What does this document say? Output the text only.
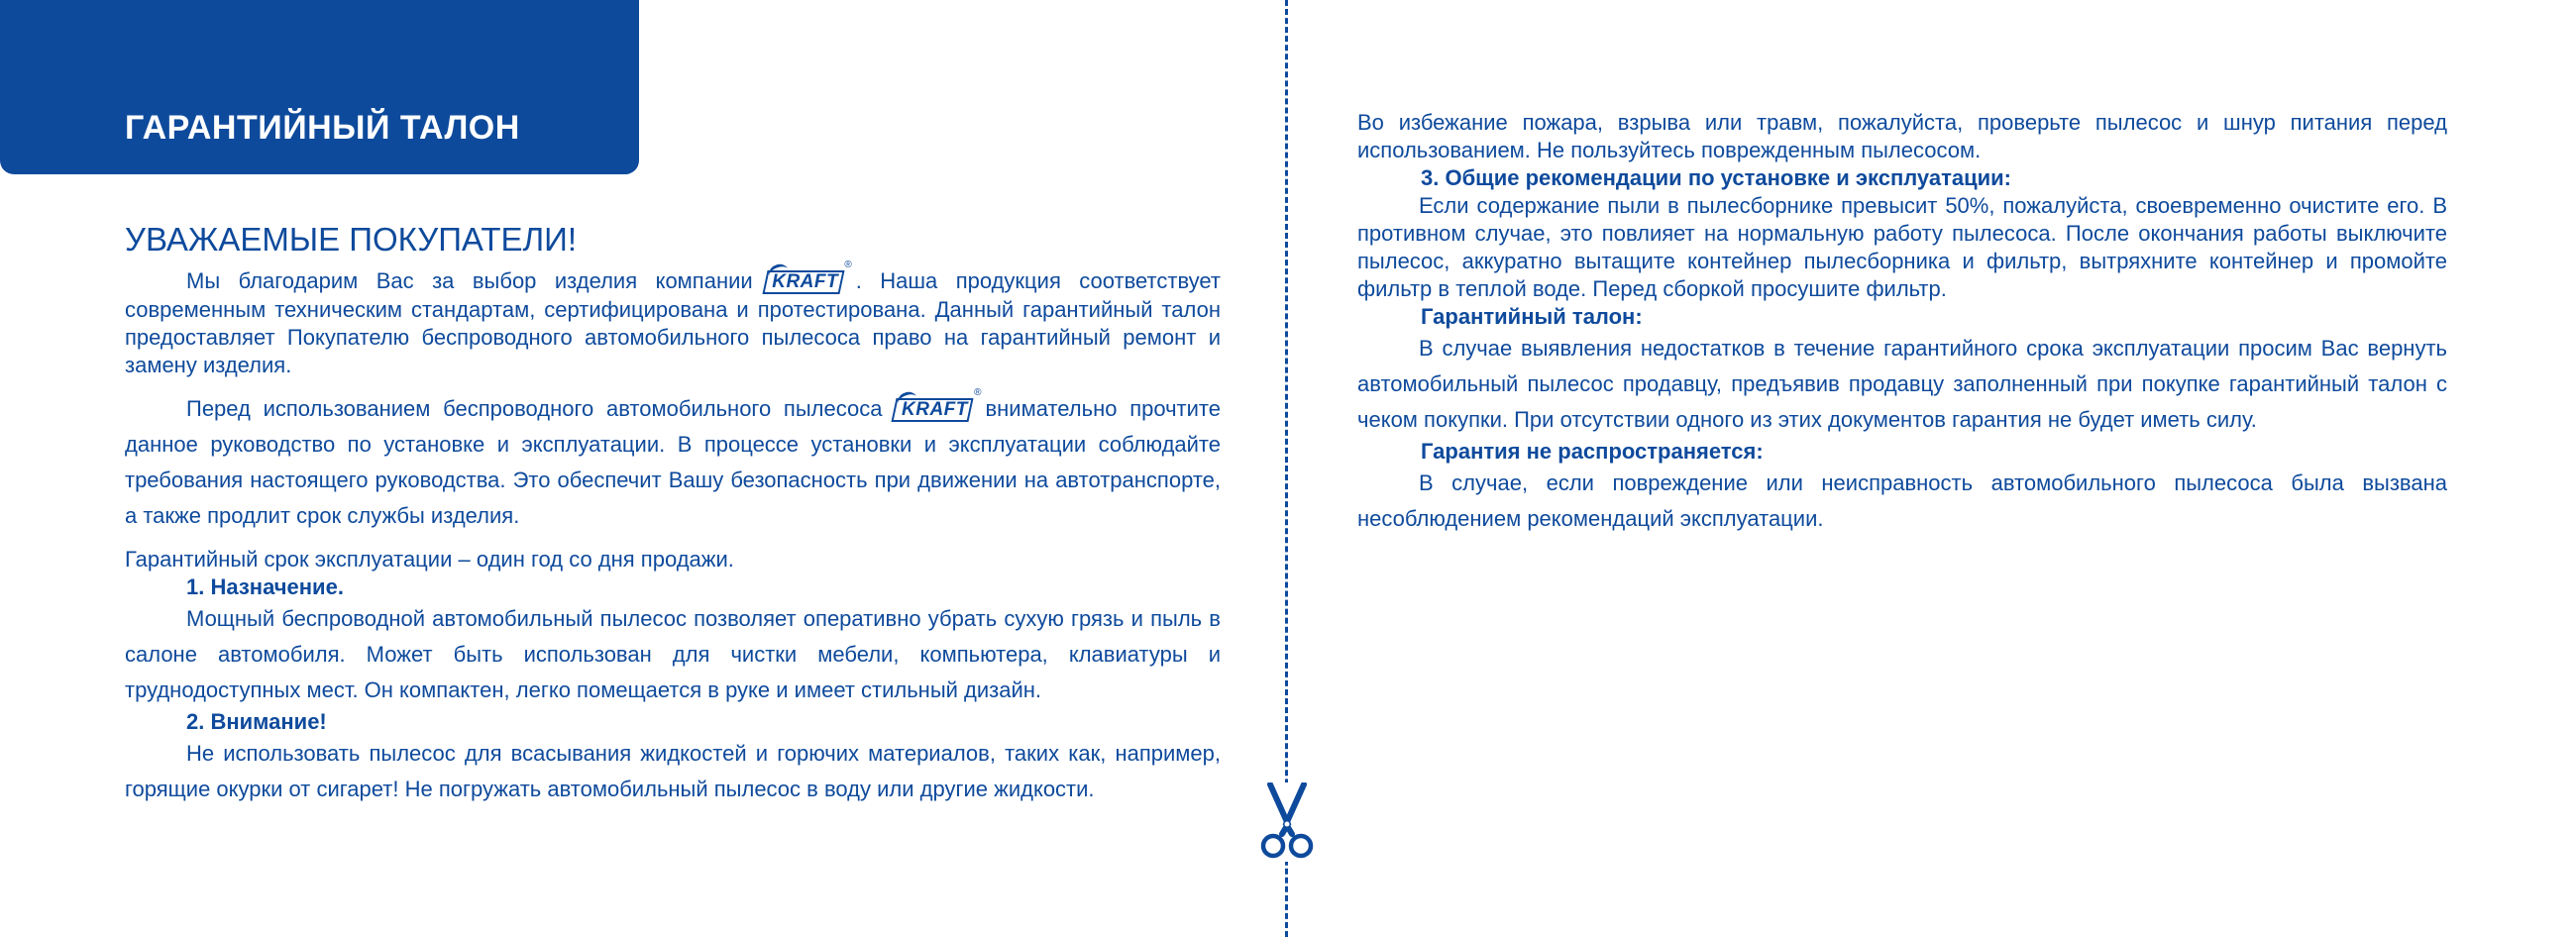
ГАРАНТИЙНЫЙ ТАЛОН
УВАЖАЕМЫЕ ПОКУПАТЕЛИ!

Мы благодарим Вас за выбор изделия компании KRAFT
®
. Наша продукция соответствует современным техническим стандартам, сертифицирована и протестирована. Данный гарантийный талон предоставляет Покупателю беспроводного автомобильного пылесоса право на гарантийный ремонт и замену изделия.

Перед использованием беспроводного автомобильного пылесоса KRAFT
®
внимательно прочтите данное руководство по установке и эксплуатации. В процессе установки и эксплуатации соблюдайте требования настоящего руководства. Это обеспечит Вашу безопасность при движении на автотранспорте, а также продлит срок службы изделия.

Гарантийный срок эксплуатации – один год со дня продажи.

1. Назначение.

Мощный беспроводной автомобильный пылесос позволяет оперативно убрать сухую грязь и пыль в салоне автомобиля. Может быть использован для чистки мебели, компьютера, клавиатуры и труднодоступных мест. Он компактен, легко помещается в руке и имеет стильный дизайн.

2. Внимание!

Не использовать пылесос для всасывания жидкостей и горючих материалов, таких как, например, горящие окурки от сигарет! Не погружать автомобильный пылесос в воду или другие жидкости.

Во избежание пожара, взрыва или травм, пожалуйста, проверьте пылесос и шнур питания перед использованием. Не пользуйтесь поврежденным пылесосом.

3. Общие рекомендации по установке и эксплуатации:

Если содержание пыли в пылесборнике превысит 50%, пожалуйста, своевременно очистите его. В противном случае, это повлияет на нормальную работу пылесоса. После окончания работы выключите пылесос, аккуратно вытащите контейнер пылесборника и фильтр, вытряхните контейнер и промойте фильтр в теплой воде. Перед сборкой просушите фильтр.

Гарантийный талон:

В случае выявления недостатков в течение гарантийного срока эксплуатации просим Вас вернуть автомобильный пылесос продавцу, предъявив продавцу заполненный при покупке гарантийный талон с чеком покупки. При отсутствии одного из этих документов гарантия не будет иметь силу.

Гарантия не распространяется:

В случае, если повреждение или неисправность автомобильного пылесоса была вызвана несоблюдением рекомендаций эксплуатации.
